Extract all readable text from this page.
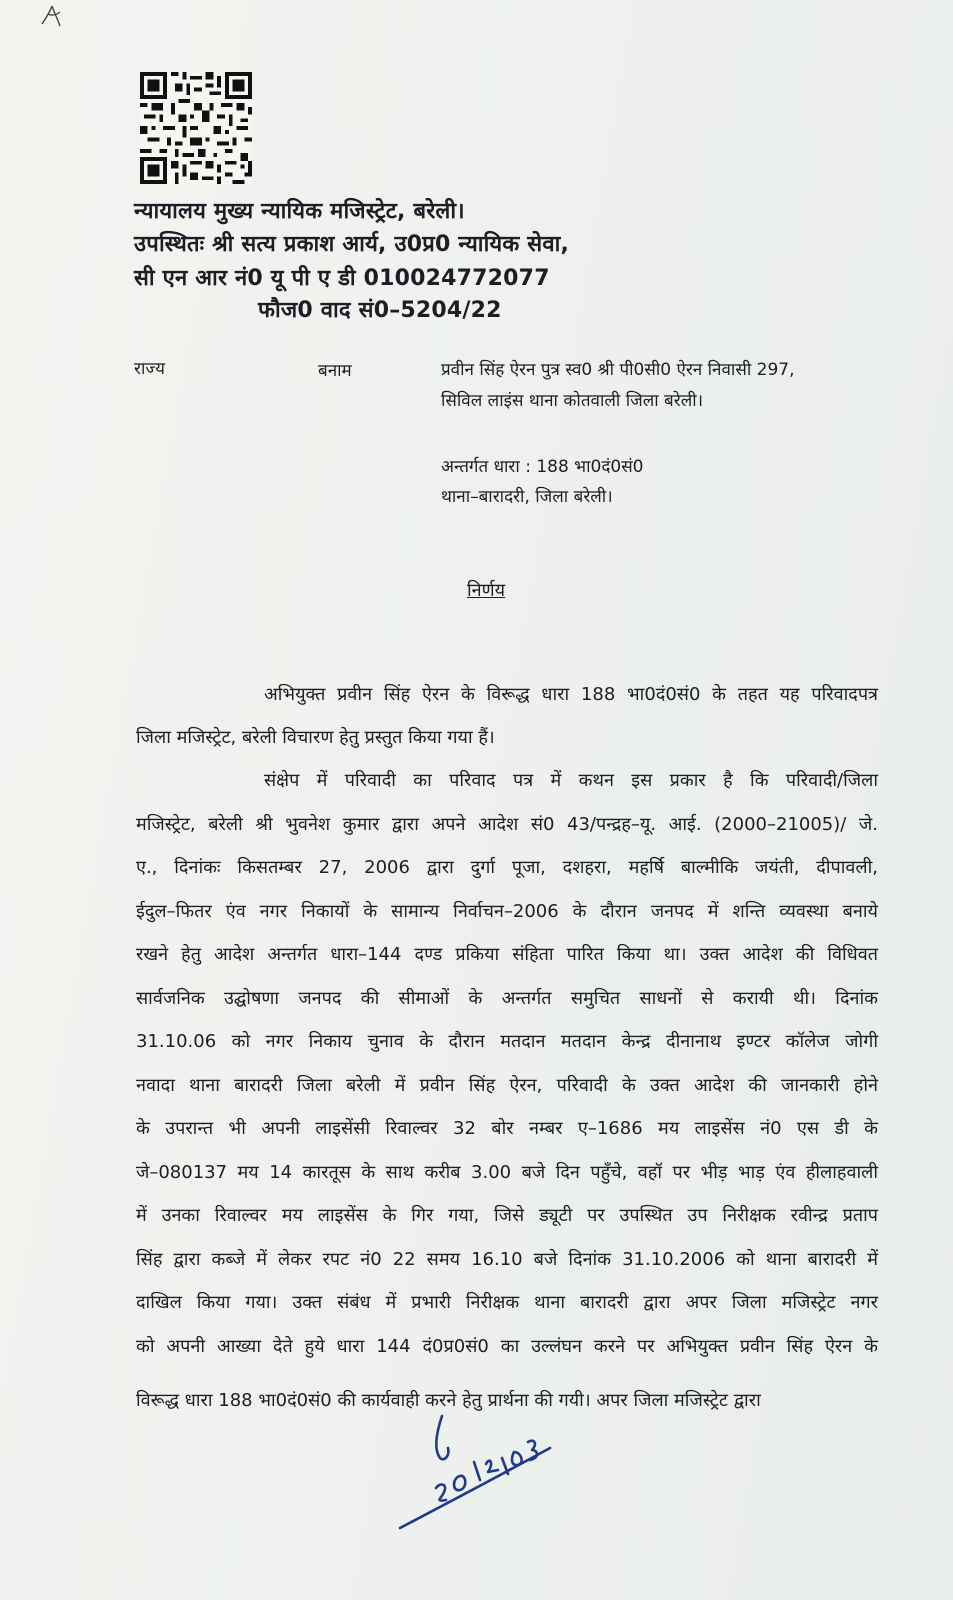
न्यायालय मुख्य न्यायिक मजिस्ट्रेट, बरेली।
उपस्थितः श्री सत्य प्रकाश आर्य, उ0प्र0 न्यायिक सेवा,
सी एन आर नं0 यू पी ए डी 010024772077
फौज0 वाद सं0–5204/22
राज्य	बनाम	प्रवीन सिंह ऐरन पुत्र स्व0 श्री पी0सी0 ऐरन निवासी 297,
सिविल लाइंस थाना कोतवाली जिला बरेली।
अन्तर्गत धारा : 188 भा0दं0सं0
थाना–बारादरी, जिला बरेली।
निर्णय
अभियुक्त प्रवीन सिंह ऐरन के विरूद्ध धारा 188 भा0दं0सं0 के तहत यह परिवादपत्र
जिला मजिस्ट्रेट, बरेली विचारण हेतु प्रस्तुत किया गया हैं।
संक्षेप में परिवादी का परिवाद पत्र में कथन इस प्रकार है कि परिवादी/जिला
मजिस्ट्रेट, बरेली श्री भुवनेश कुमार द्वारा अपने आदेश सं0 43/पन्द्रह–यू. आई. (2000–21005)/ जे.
ए., दिनांकः किसतम्बर 27, 2006 द्वारा दुर्गा पूजा, दशहरा, महर्षि बाल्मीकि जयंती, दीपावली,
ईदुल–फितर एंव नगर निकायों के सामान्य निर्वाचन–2006 के दौरान जनपद में शन्ति व्यवस्था बनाये
रखने हेतु आदेश अन्तर्गत धारा–144 दण्ड प्रकिया संहिता पारित किया था। उक्त आदेश की विधिवत
सार्वजनिक उद्घोषणा जनपद की सीमाओं के अन्तर्गत समुचित साधनों से करायी थी। दिनांक
31.10.06 को नगर निकाय चुनाव के दौरान मतदान मतदान केन्द्र दीनानाथ इण्टर कॉलेज जोगी
नवादा थाना बारादरी जिला बरेली में प्रवीन सिंह ऐरन, परिवादी के उक्त आदेश की जानकारी होने
के उपरान्त भी अपनी लाइसेंसी रिवाल्वर 32 बोर नम्बर ए–1686 मय लाइसेंस नं0 एस डी के
जे–080137 मय 14 कारतूस के साथ करीब 3.00 बजे दिन पहुँचे, वहॉ पर भीड़ भाड़ एंव हीलाहवाली
में उनका रिवाल्वर मय लाइसेंस के गिर गया, जिसे ड्यूटी पर उपस्थित उप निरीक्षक रवीन्द्र प्रताप
सिंह द्वारा कब्जे में लेकर रपट नं0 22 समय 16.10 बजे दिनांक 31.10.2006 को थाना बारादरी में
दाखिल किया गया। उक्त संबंध में प्रभारी निरीक्षक थाना बारादरी द्वारा अपर जिला मजिस्ट्रेट नगर
को अपनी आख्या देते हुये धारा 144 दं0प्र0सं0 का उल्लंघन करने पर अभियुक्त प्रवीन सिंह ऐरन के
विरूद्ध धारा 188 भा0दं0सं0 की कार्यवाही करने हेतु प्रार्थना की गयी। अपर जिला मजिस्ट्रेट द्वारा
